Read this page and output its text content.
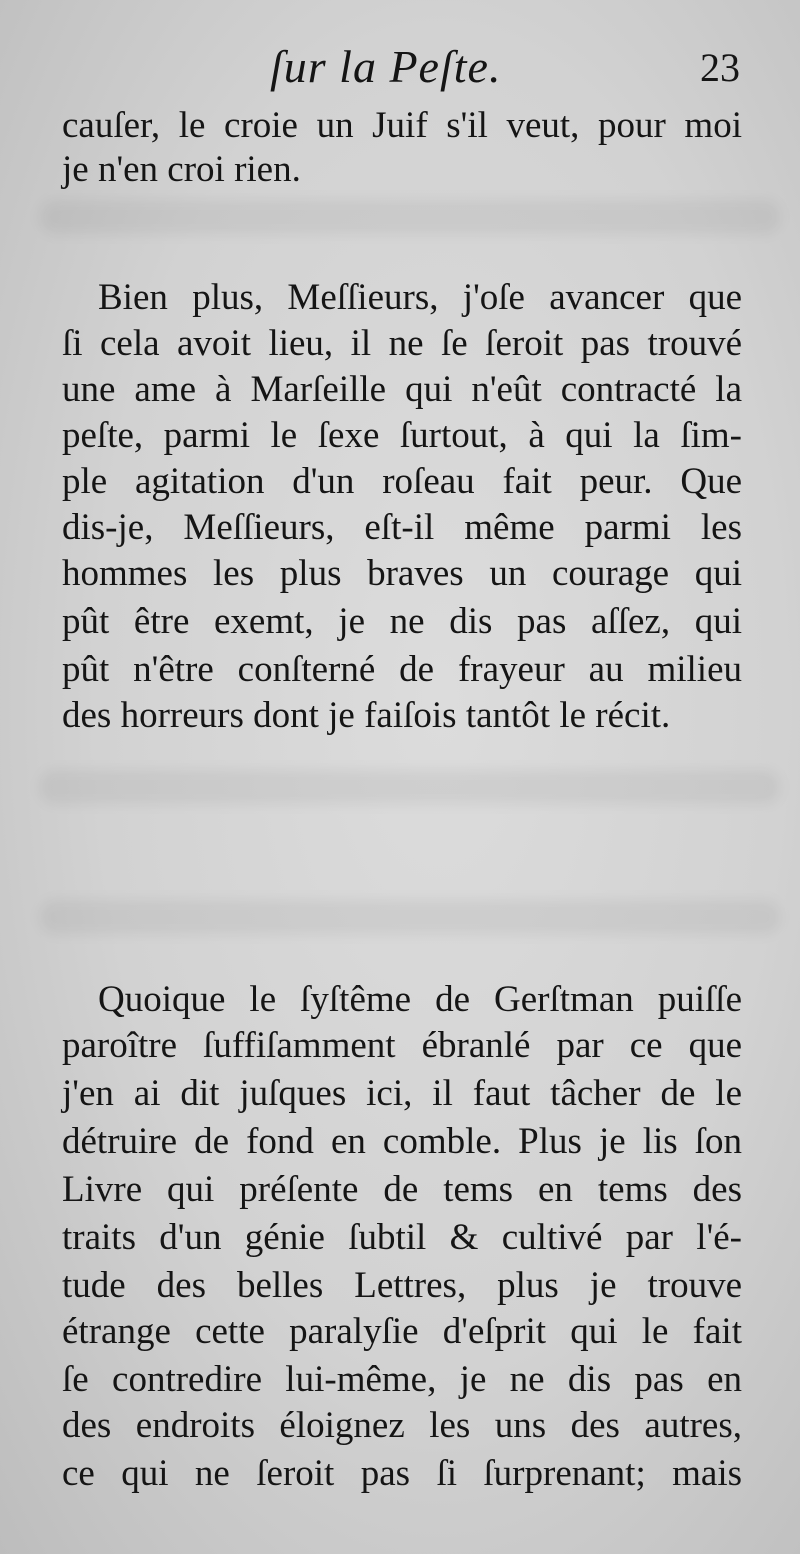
ſur la Peſte.	23
cauſer, le croie un Juif s'il veut, pour moi
je n'en croi rien.
Bien plus, Meſſieurs, j'oſe avancer que
ſi cela avoit lieu, il ne ſe ſeroit pas trouvé
une ame à Marſeille qui n'eût contracté la
peſte, parmi le ſexe ſurtout, à qui la ſim-
ple agitation d'un roſeau fait peur. Que
dis-je, Meſſieurs, eſt-il même parmi les
hommes les plus braves un courage qui
pût être exemt, je ne dis pas aſſez, qui
pût n'être conſterné de frayeur au milieu
des horreurs dont je faiſois tantôt le récit.
Quoique le ſyſtême de Gerſtman puiſſe
paroître ſuffiſamment ébranlé par ce que
j'en ai dit juſques ici, il faut tâcher de le
détruire de fond en comble. Plus je lis ſon
Livre qui préſente de tems en tems des
traits d'un génie ſubtil & cultivé par l'é-
tude des belles Lettres, plus je trouve
étrange cette paralyſie d'eſprit qui le fait
ſe contredire lui-même, je ne dis pas en
des endroits éloignez les uns des autres,
ce qui ne ſeroit pas ſi ſurprenant; mais
